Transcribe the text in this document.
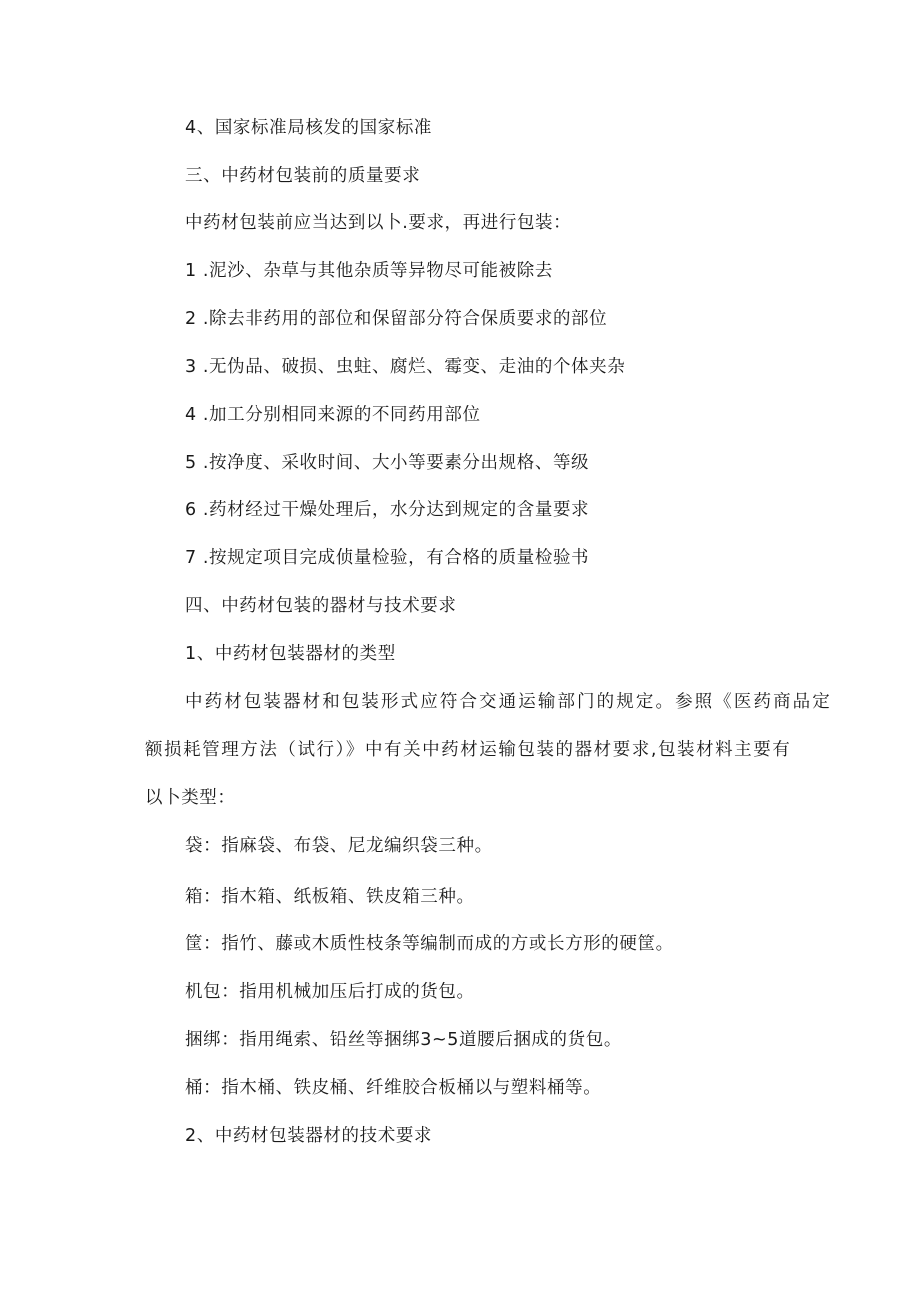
4、国家标准局核发的国家标准
三、中药材包装前的质量要求
中药材包装前应当达到以卜.要求，再进行包装：
1 .泥沙、杂草与其他杂质等异物尽可能被除去
2 .除去非药用的部位和保留部分符合保质要求的部位
3 .无伪品、破损、虫蛀、腐烂、霉变、走油的个体夹杂
4 .加工分别相同来源的不同药用部位
5 .按净度、采收时间、大小等要素分出规格、等级
6 .药材经过干燥处理后，水分达到规定的含量要求
7 .按规定项目完成侦量检验，有合格的质量检验书
四、中药材包装的器材与技术要求
1、中药材包装器材的类型
中药材包装器材和包装形式应符合交通运输部门的规定。参照《医药商品定
额损耗管理方法（试行）》中有关中药材运输包装的器材要求,包装材料主要有
以卜类型：
袋：指麻袋、布袋、尼龙编织袋三种。
箱：指木箱、纸板箱、铁皮箱三种。
筐：指竹、藤或木质性枝条等编制而成的方或长方形的硬筐。
机包：指用机械加压后打成的货包。
捆绑：指用绳索、铅丝等捆绑3~5道腰后捆成的货包。
桶：指木桶、铁皮桶、纤维胶合板桶以与塑料桶等。
2、中药材包装器材的技术要求
